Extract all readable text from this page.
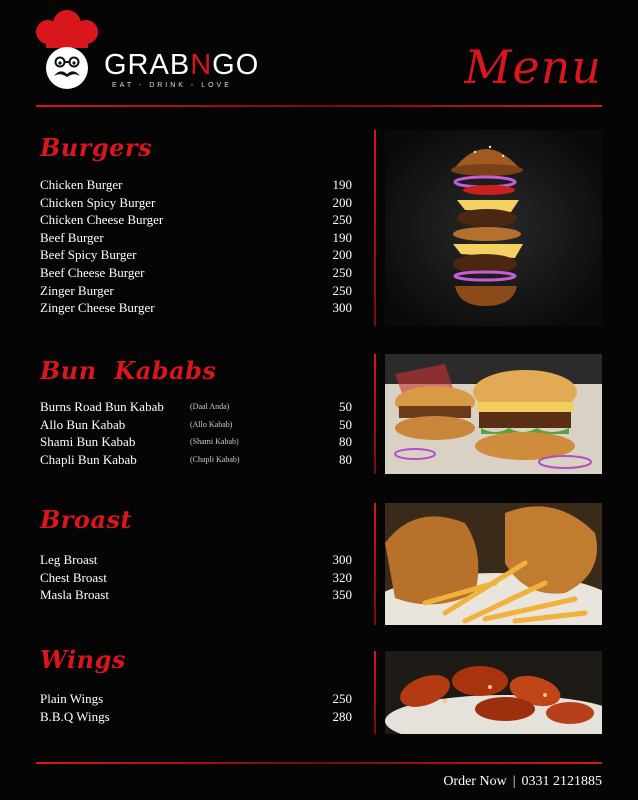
GRABNGO
EAT - DRINK - LOVE	Menu
Burgers
Chicken Burger	190
Chicken Spicy Burger	200
Chicken Cheese Burger	250
Beef Burger	190
Beef Spicy Burger	200
Beef Cheese Burger	250
Zinger Burger	250
Zinger Cheese Burger	300
Bun  Kababs
Burns Road Bun Kabab	(Daal Anda)	50
Allo Bun Kabab	(Allo Kabab)	50
Shami Bun Kabab	(Shami Kabab)	80
Chapli Bun Kabab	(Chapli Kabab)	80
Broast
Leg Broast	300
Chest Broast	320
Masla Broast	350
Wings
Plain Wings	250
B.B.Q Wings	280
Order Now | 0331 2121885
